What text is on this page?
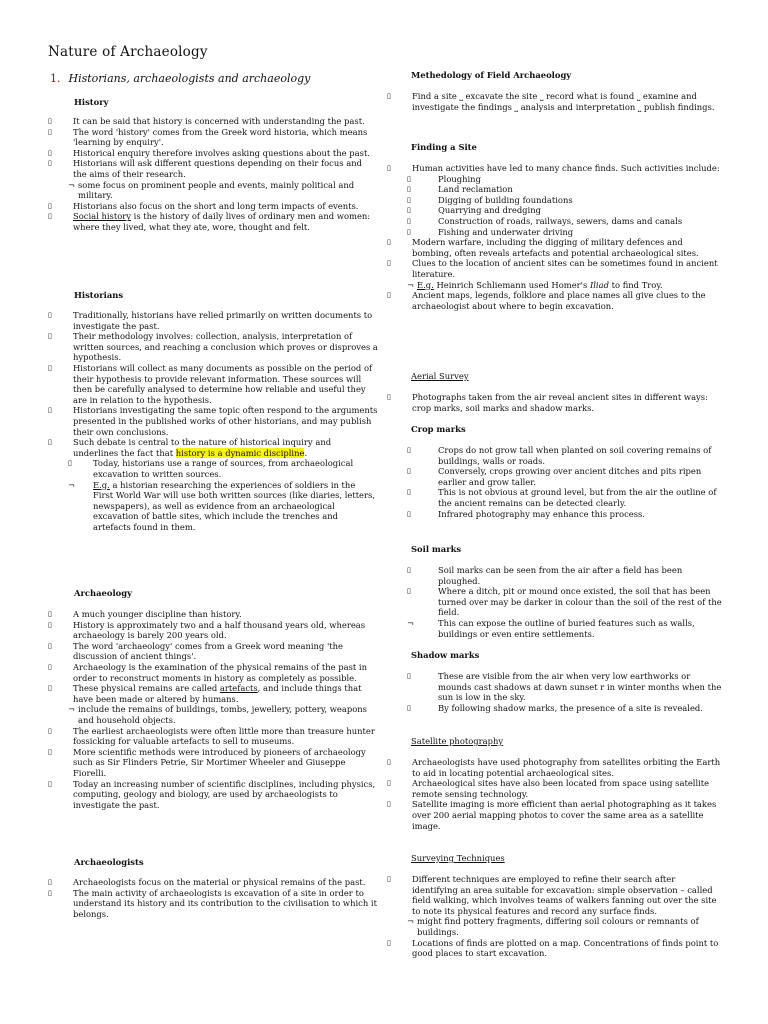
Nature of Archaeology
1. Historians, archaeologists and archaeology
History
▯ It can be said that history is concerned with understanding the past.
▯ The word 'history' comes from the Greek word historia, which means 'learning by enquiry'.
▯ Historical enquiry therefore involves asking questions about the past.
▯ Historians will ask different questions depending on their focus and the aims of their research.
¬ some focus on prominent people and events, mainly political and military.
▯ Historians also focus on the short and long term impacts of events.
▯ Social history is the history of daily lives of ordinary men and women: where they lived, what they ate, wore, thought and felt.
Historians
▯ Traditionally, historians have relied primarily on written documents to investigate the past.
▯ Their methodology involves: collection, analysis, interpretation of written sources, and reaching a conclusion which proves or disproves a hypothesis.
▯ Historians will collect as many documents as possible on the period of their hypothesis to provide relevant information. These sources will then be carefully analysed to determine how reliable and useful they are in relation to the hypothesis.
▯ Historians investigating the same topic often respond to the arguments presented in the published works of other historians, and may publish their own conclusions.
▯ Such debate is central to the nature of historical inquiry and underlines the fact that history is a dynamic discipline.
▯ Today, historians use a range of sources, from archaeological excavation to written sources.
¬ E.g. a historian researching the experiences of soldiers in the First World War will use both written sources (like diaries, letters, newspapers), as well as evidence from an archaeological excavation of battle sites, which include the trenches and artefacts found in them.
Archaeology
▯ A much younger discipline than history.
▯ History is approximately two and a half thousand years old, whereas archaeology is barely 200 years old.
▯ The word 'archaeology' comes from a Greek word meaning 'the discussion of ancient things'.
▯ Archaeology is the examination of the physical remains of the past in order to reconstruct moments in history as completely as possible.
▯ These physical remains are called artefacts, and include things that have been made or altered by humans.
¬ include the remains of buildings, tombs, jewellery, pottery, weapons and household objects.
▯ The earliest archaeologists were often little more than treasure hunter fossicking for valuable artefacts to sell to museums.
▯ More scientific methods were introduced by pioneers of archaeology such as Sir Flinders Petrie, Sir Mortimer Wheeler and Giuseppe Fiorelli.
▯ Today an increasing number of scientific disciplines, including physics, computing, geology and biology, are used by archaeologists to investigate the past.
Archaeologists
▯ Archaeologists focus on the material or physical remains of the past.
▯ The main activity of archaeologists is excavation of a site in order to understand its history and its contribution to the civilisation to which it belongs.
Methedology of Field Archaeology
▯ Find a site ⎵ excavate the site ⎵ record what is found ⎵ examine and investigate the findings ⎵ analysis and interpretation ⎵ publish findings.
Finding a Site
▯ Human activities have led to many chance finds. Such activities include:
▯ Ploughing
▯ Land reclamation
▯ Digging of building foundations
▯ Quarrying and dredging
▯ Construction of roads, railways, sewers, dams and canals
▯ Fishing and underwater driving
▯ Modern warfare, including the digging of military defences and bombing, often reveals artefacts and potential archaeological sites.
▯ Clues to the location of ancient sites can be sometimes found in ancient literature.
¬ E.g. Heinrich Schliemann used Homer's Iliad to find Troy.
▯ Ancient maps, legends, folklore and place names all give clues to the archaeologist about where to begin excavation.
Aerial Survey
▯ Photographs taken from the air reveal ancient sites in different ways: crop marks, soil marks and shadow marks.
Crop marks
▯ Crops do not grow tall when planted on soil covering remains of buildings, walls or roads.
▯ Conversely, crops growing over ancient ditches and pits ripen earlier and grow taller.
▯ This is not obvious at ground level, but from the air the outline of the ancient remains can be detected clearly.
▯ Infrared photography may enhance this process.
Soil marks
▯ Soil marks can be seen from the air after a field has been ploughed.
▯ Where a ditch, pit or mound once existed, the soil that has been turned over may be darker in colour than the soil of the rest of the field.
¬ This can expose the outline of buried features such as walls, buildings or even entire settlements.
Shadow marks
▯ These are visible from the air when very low earthworks or mounds cast shadows at dawn sunset r in winter months when the sun is low in the sky.
▯ By following shadow marks, the presence of a site is revealed.
Satellite photography
▯ Archaeologists have used photography from satellites orbiting the Earth to aid in locating potential archaeological sites.
▯ Archaeological sites have also been located from space using satellite remote sensing technology.
▯ Satellite imaging is more efficient than aerial photographing as it takes over 200 aerial mapping photos to cover the same area as a satellite image.
Surveying Techniques
▯ Different techniques are employed to refine their search after identifying an area suitable for excavation: simple observation – called field walking, which involves teams of walkers fanning out over the site to note its physical features and record any surface finds.
¬ might find pottery fragments, differing soil colours or remnants of buildings.
▯ Locations of finds are plotted on a map. Concentrations of finds point to good places to start excavation.
